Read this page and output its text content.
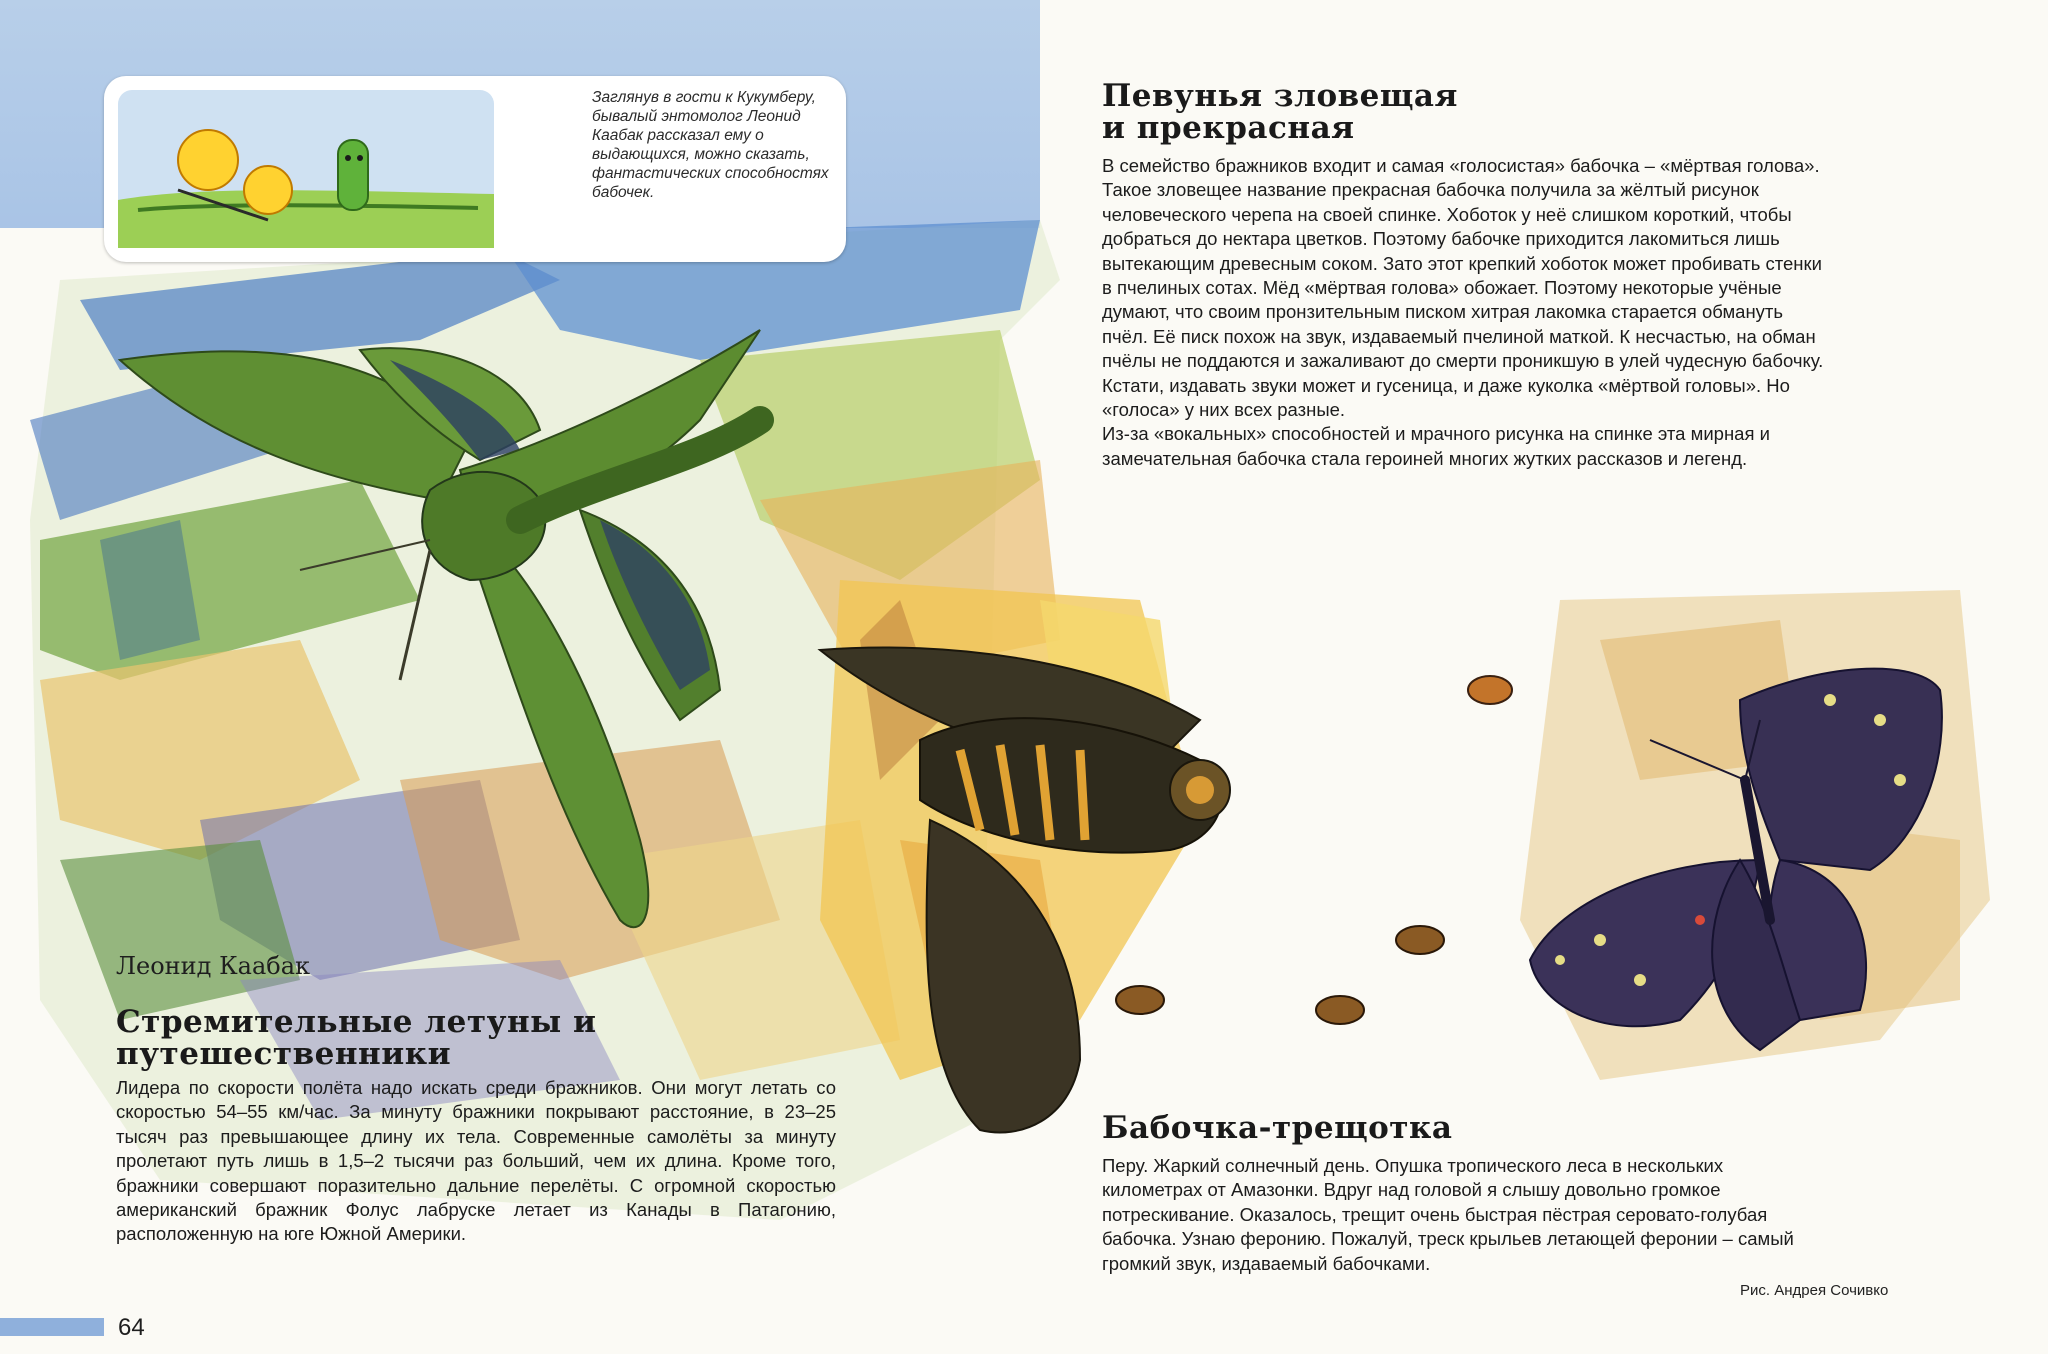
Заглянув в гости к Кукумберу, бывалый энтомолог Леонид Каабак рассказал ему о выдающихся, можно сказать, фантастических способностях бабочек.
Певунья зловещая
и прекрасная

В семейство бражников входит и самая «голосистая» бабочка – «мёртвая голова». Такое зловещее название прекрасная бабочка получила за жёлтый рисунок человеческого черепа на своей спинке. Хоботок у неё слишком короткий, чтобы добраться до нектара цветков. Поэтому бабочке приходится лакомиться лишь вытекающим древесным соком. Зато этот крепкий хоботок может пробивать стенки в пчелиных сотах. Мёд «мёртвая голова» обожает. Поэтому некоторые учёные думают, что своим пронзительным писком хитрая лакомка старается обмануть пчёл. Её писк похож на звук, издаваемый пчелиной маткой. К несчастью, на обман пчёлы не поддаются и зажаливают до смерти проникшую в улей чудесную бабочку.

Кстати, издавать звуки может и гусеница, и даже куколка «мёртвой головы». Но «голоса» у них всех разные.

Из-за «вокальных» способностей и мрачного рисунка на спинке эта мирная и замечательная бабочка стала героиней многих жутких рассказов и легенд.

Леонид Каабак
Стремительные летуны и
путешественники
Лидера по скорости полёта надо искать среди бражников. Они могут летать со скоростью 54–55 км/час. За минуту бражники покрывают расстояние, в 23–25 тысяч раз превышающее длину их тела. Современные самолёты за минуту пролетают путь лишь в 1,5–2 тысячи раз больший, чем их длина. Кроме того, бражники совершают поразительно дальние перелёты. С огромной скоростью американский бражник Фолус лабруске летает из Канады в Патагонию, расположенную на юге Южной Америки.
Бабочка-трещотка
Перу. Жаркий солнечный день. Опушка тропического леса в нескольких километрах от Амазонки. Вдруг над головой я слышу довольно громкое потрескивание. Оказалось, трещит очень быстрая пёстрая серовато-голубая бабочка. Узнаю феронию. Пожалуй, треск крыльев летающей феронии – самый громкий звук, издаваемый бабочками.
Рис. Андрея Сочивко
64
